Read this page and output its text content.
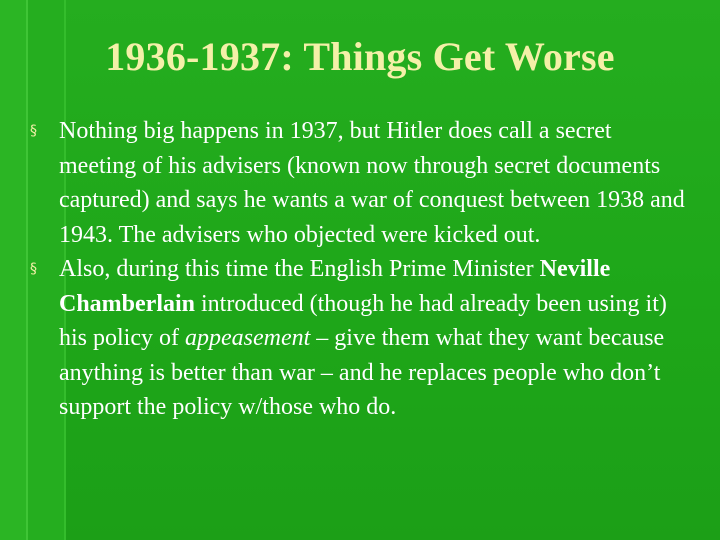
1936-1937: Things Get Worse
§ Nothing big happens in 1937, but Hitler does call a secret meeting of his advisers (known now through secret documents captured) and says he wants a war of conquest between 1938 and 1943. The advisers who objected were kicked out.
§ Also, during this time the English Prime Minister Neville Chamberlain introduced (though he had already been using it) his policy of appeasement – give them what they want because anything is better than war – and he replaces people who don’t support the policy w/those who do.
